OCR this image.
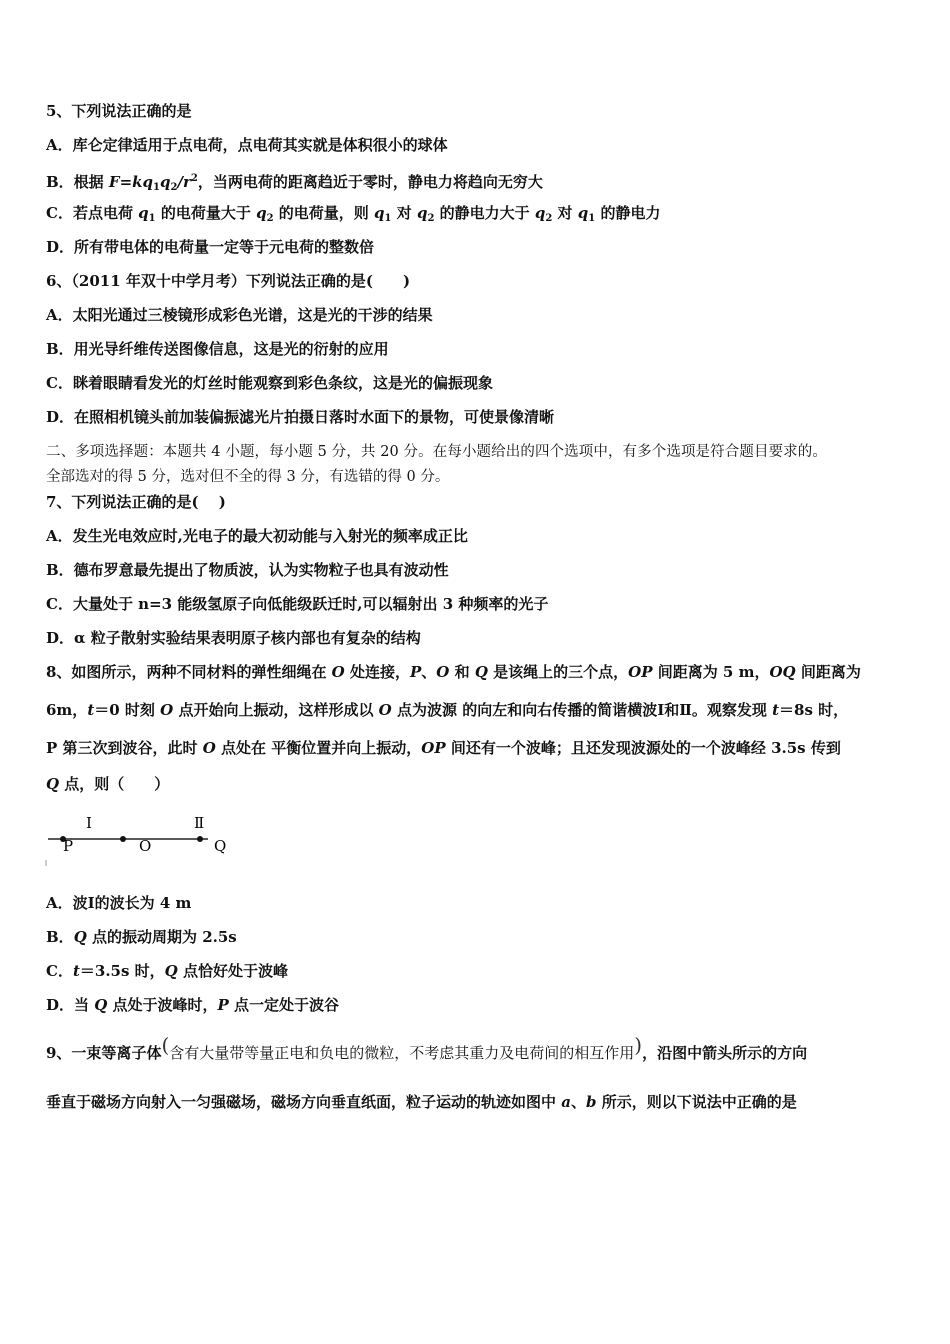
5、下列说法正确的是
A．库仑定律适用于点电荷，点电荷其实就是体积很小的球体
B．根据 $F=kq_1q_2/r^2$，当两电荷的距离趋近于零时，静电力将趋向无穷大
C．若点电荷 $q_1$ 的电荷量大于 $q_2$ 的电荷量，则 $q_1$ 对 $q_2$ 的静电力大于 $q_2$ 对 $q_1$ 的静电力
D．所有带电体的电荷量一定等于元电荷的整数倍
6、（2011 年双十中学月考）下列说法正确的是(　　)
A．太阳光通过三棱镜形成彩色光谱，这是光的干涉的结果
B．用光导纤维传送图像信息，这是光的衍射的应用
C．眯着眼睛看发光的灯丝时能观察到彩色条纹，这是光的偏振现象
D．在照相机镜头前加装偏振滤光片拍摄日落时水面下的景物，可使景像清晰
二、多项选择题：本题共 4 小题，每小题 5 分，共 20 分。在每小题给出的四个选项中，有多个选项是符合题目要求的。
全部选对的得 5 分，选对但不全的得 3 分，有选错的得 0 分。
7、下列说法正确的是(　 )
A．发生光电效应时,光电子的最大初动能与入射光的频率成正比
B．德布罗意最先提出了物质波，认为实物粒子也具有波动性
C．大量处于 n=3 能级氢原子向低能级跃迁时,可以辐射出 3 种频率的光子
D．α 粒子散射实验结果表明原子核内部也有复杂的结构
8、如图所示，两种不同材料的弹性细绳在 O 处连接，P、O 和 Q 是该绳上的三个点，OP 间距离为 5 m，OQ 间距离为
6m，t＝0 时刻 O 点开始向上振动，这样形成以 O 点为波源 的向左和向右传播的简谐横波Ⅰ和Ⅱ。观察发现 t＝8s 时，
P 第三次到波谷，此时 O 点处在 平衡位置并向上振动，OP 间还有一个波峰；且还发现波源处的一个波峰经 3.5s 传到
Q 点，则（　　）
Ⅰ	Ⅱ
P	O	Q
A．波Ⅰ的波长为 4 m
B．Q 点的振动周期为 2.5s
C．t＝3.5s 时，Q 点恰好处于波峰
D．当 Q 点处于波峰时，P 点一定处于波谷
9、一束等离子体(含有大量带等量正电和负电的微粒，不考虑其重力及电荷间的相互作用)，沿图中箭头所示的方向
垂直于磁场方向射入一匀强磁场，磁场方向垂直纸面，粒子运动的轨迹如图中 a、b 所示，则以下说法中正确的是
